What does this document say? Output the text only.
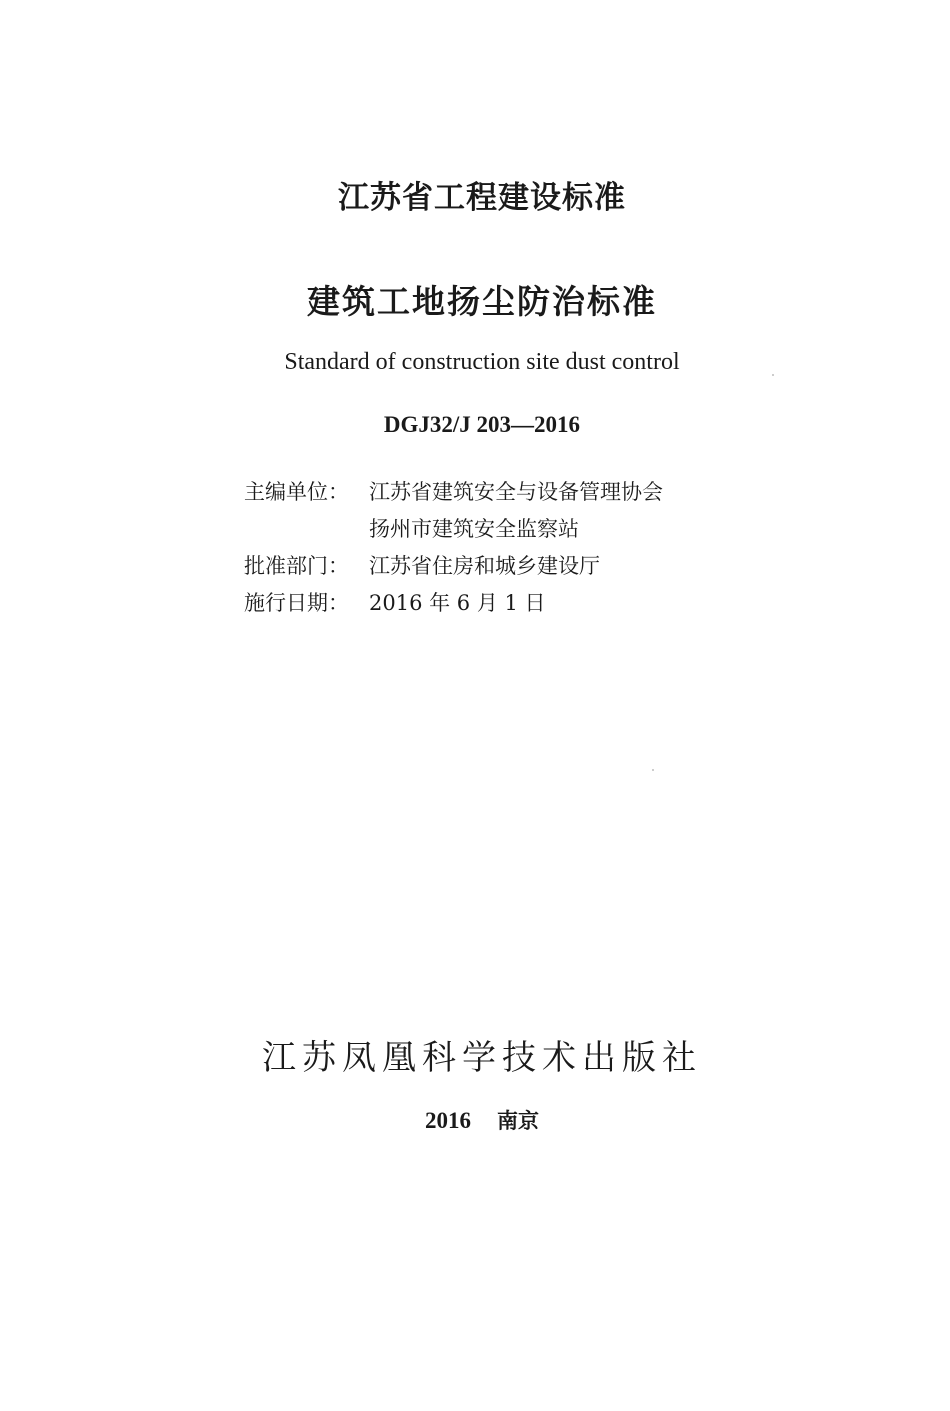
江苏省工程建设标准
建筑工地扬尘防治标准
Standard of construction site dust control
DGJ32/J 203—2016
主编单位： 江苏省建筑安全与设备管理协会
扬州市建筑安全监察站
批准部门： 江苏省住房和城乡建设厅
施行日期： 2016 年 6 月 1 日
江苏凤凰科学技术出版社
2016 南京
